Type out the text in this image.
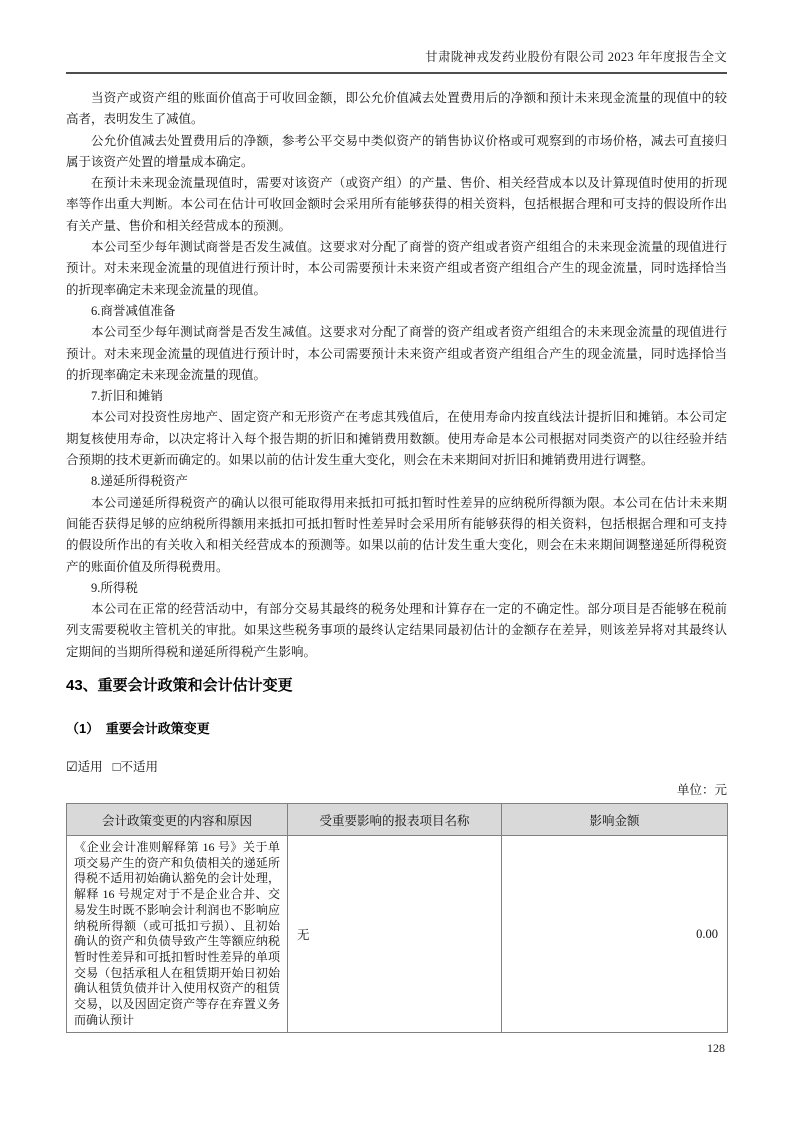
甘肃陇神戎发药业股份有限公司 2023 年年度报告全文

当资产或资产组的账面价值高于可收回金额，即公允价值减去处置费用后的净额和预计未来现金流量的现值中的较高者，表明发生了减值。

公允价值减去处置费用后的净额，参考公平交易中类似资产的销售协议价格或可观察到的市场价格，减去可直接归属于该资产处置的增量成本确定。

在预计未来现金流量现值时，需要对该资产（或资产组）的产量、售价、相关经营成本以及计算现值时使用的折现率等作出重大判断。本公司在估计可收回金额时会采用所有能够获得的相关资料，包括根据合理和可支持的假设所作出有关产量、售价和相关经营成本的预测。

本公司至少每年测试商誉是否发生减值。这要求对分配了商誉的资产组或者资产组组合的未来现金流量的现值进行预计。对未来现金流量的现值进行预计时，本公司需要预计未来资产组或者资产组组合产生的现金流量，同时选择恰当的折现率确定未来现金流量的现值。

6.商誉减值准备

本公司至少每年测试商誉是否发生减值。这要求对分配了商誉的资产组或者资产组组合的未来现金流量的现值进行预计。对未来现金流量的现值进行预计时，本公司需要预计未来资产组或者资产组组合产生的现金流量，同时选择恰当的折现率确定未来现金流量的现值。

7.折旧和摊销

本公司对投资性房地产、固定资产和无形资产在考虑其残值后，在使用寿命内按直线法计提折旧和摊销。本公司定期复核使用寿命，以决定将计入每个报告期的折旧和摊销费用数额。使用寿命是本公司根据对同类资产的以往经验并结合预期的技术更新而确定的。如果以前的估计发生重大变化，则会在未来期间对折旧和摊销费用进行调整。

8.递延所得税资产

本公司递延所得税资产的确认以很可能取得用来抵扣可抵扣暂时性差异的应纳税所得额为限。本公司在估计未来期间能否获得足够的应纳税所得额用来抵扣可抵扣暂时性差异时会采用所有能够获得的相关资料，包括根据合理和可支持的假设所作出的有关收入和相关经营成本的预测等。如果以前的估计发生重大变化，则会在未来期间调整递延所得税资产的账面价值及所得税费用。

9.所得税

本公司在正常的经营活动中，有部分交易其最终的税务处理和计算存在一定的不确定性。部分项目是否能够在税前列支需要税收主管机关的审批。如果这些税务事项的最终认定结果同最初估计的金额存在差异，则该差异将对其最终认定期间的当期所得税和递延所得税产生影响。

43、重要会计政策和会计估计变更
（1）　重要会计政策变更
☑适用 □不适用
单位：元
会计政策变更的内容和原因	受重要影响的报表项目名称	影响金额
《企业会计准则解释第 16 号》关于单项交易产生的资产和负债相关的递延所得税不适用初始确认豁免的会计处理，解释 16 号规定对于不是企业合并、交易发生时既不影响会计利润也不影响应纳税所得额（或可抵扣亏损）、且初始确认的资产和负债导致产生等额应纳税暂时性差异和可抵扣暂时性差异的单项交易（包括承租人在租赁期开始日初始确认租赁负债并计入使用权资产的租赁交易，以及因固定资产等存在弃置义务而确认预计	无	0.00
128
